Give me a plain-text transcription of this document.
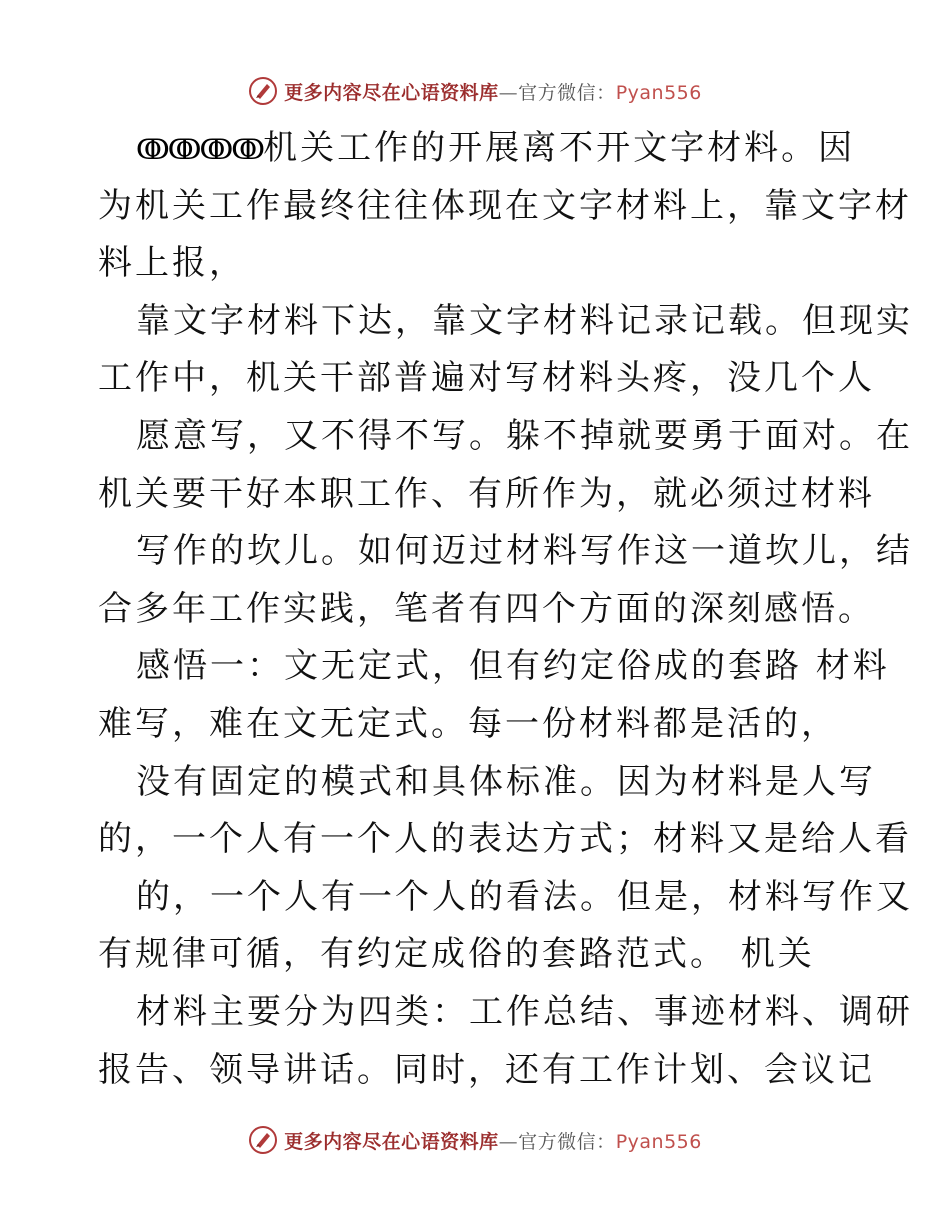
更多内容尽在心语资料库—官方微信：Pyan556
ↂↂↂↂ机关工作的开展离不开文字材料。因
为机关工作最终往往体现在文字材料上，靠文字材
料上报，
靠文字材料下达，靠文字材料记录记载。但现实
工作中，机关干部普遍对写材料头疼，没几个人
愿意写，又不得不写。躲不掉就要勇于面对。在
机关要干好本职工作、有所作为，就必须过材料
写作的坎儿。如何迈过材料写作这一道坎儿，结
合多年工作实践，笔者有四个方面的深刻感悟。
感悟一：文无定式，但有约定俗成的套路 材料
难写，难在文无定式。每一份材料都是活的，
没有固定的模式和具体标准。因为材料是人写
的，一个人有一个人的表达方式；材料又是给人看
的，一个人有一个人的看法。但是，材料写作又
有规律可循，有约定成俗的套路范式。 机关
材料主要分为四类：工作总结、事迹材料、调研
报告、领导讲话。同时，还有工作计划、会议记
更多内容尽在心语资料库—官方微信：Pyan556
